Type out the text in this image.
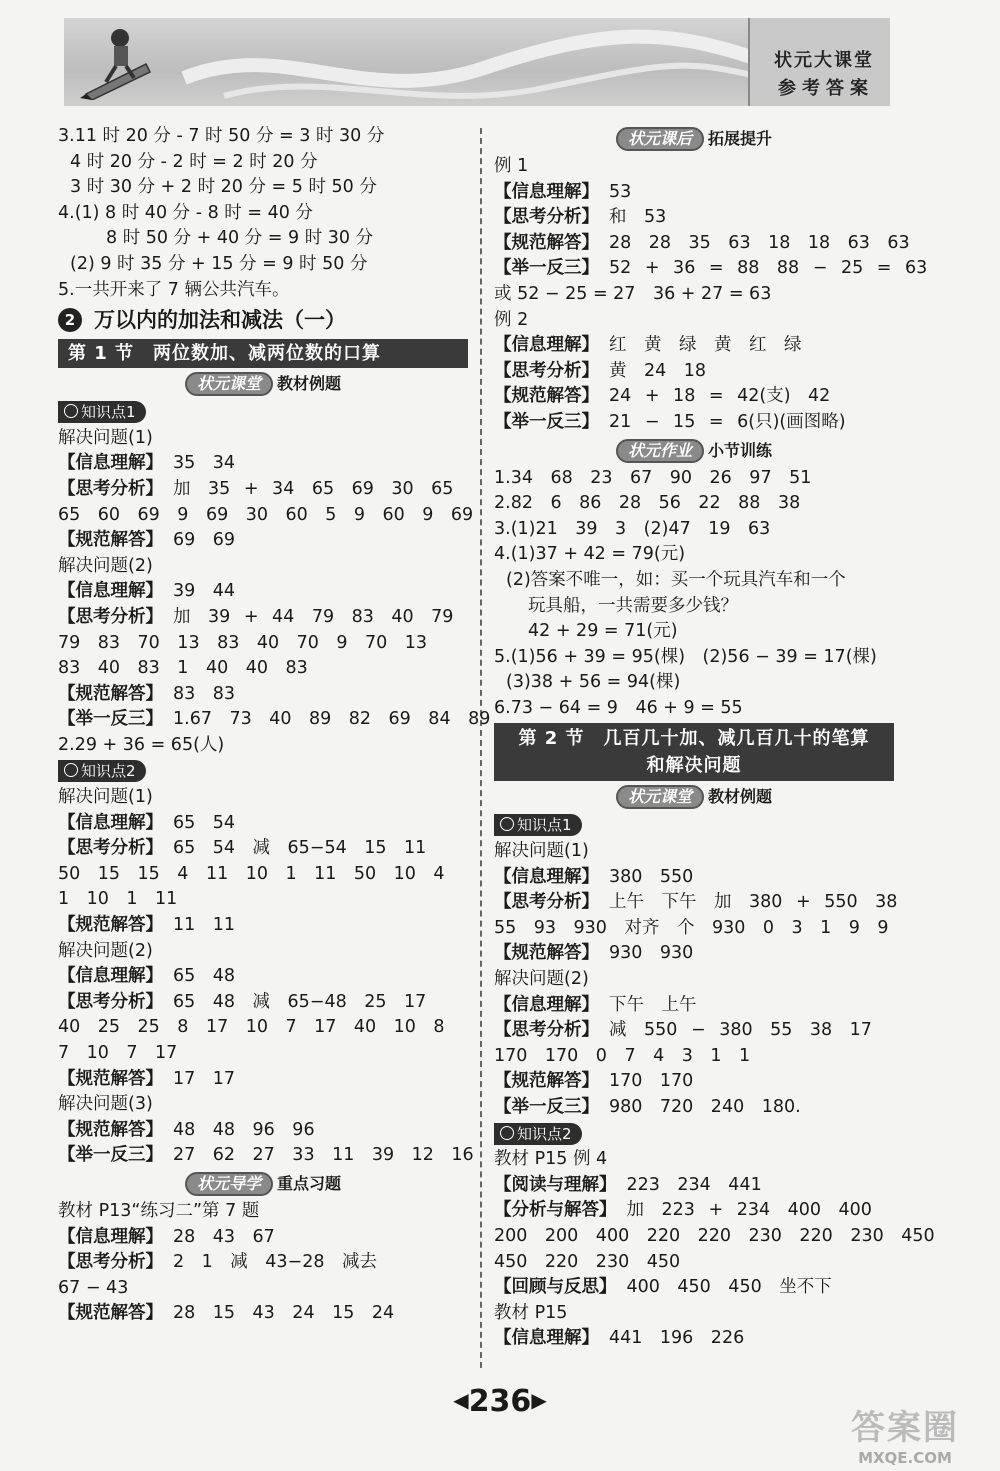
状元大课堂
参考答案
3.11 时 20 分 - 7 时 50 分 = 3 时 30 分
4 时 20 分 - 2 时 = 2 时 20 分
3 时 30 分 + 2 时 20 分 = 5 时 50 分
4.(1) 8 时 40 分 - 8 时 = 40 分
8 时 50 分 + 40 分 = 9 时 30 分
(2) 9 时 35 分 + 15 分 = 9 时 50 分
5.一共开来了 7 辆公共汽车。
2 万以内的加法和减法（一）
第 1 节　两位数加、减两位数的口算
状元课堂 教材例题
知识点1
解决问题(1)
【信息理解】 35　34
【思考分析】 加　35 + 34　65　69　30　65
65　60　69　9　69　30　60　5　9　60　9　69
【规范解答】 69　69
解决问题(2)
【信息理解】 39　44
【思考分析】 加　39 + 44　79　83　40　79
79　83　70　13　83　40　70　9　70　13
83　40　83　1　40　40　83
【规范解答】 83　83
【举一反三】 1.67　73　40　89　82　69　84　89
2.29 + 36 = 65(人)
知识点2
解决问题(1)
【信息理解】 65　54
【思考分析】 65　54　减　65−54　15　11
50　15　15　4　11　10　1　11　50　10　4
1　10　1　11
【规范解答】 11　11
解决问题(2)
【信息理解】 65　48
【思考分析】 65　48　减　65−48　25　17
40　25　25　8　17　10　7　17　40　10　8
7　10　7　17
【规范解答】 17　17
解决问题(3)
【规范解答】 48　48　96　96
【举一反三】 27　62　27　33　11　39　12　16
状元导学 重点习题
教材 P13“练习二”第 7 题
【信息理解】 28　43　67
【思考分析】 2　1　减　43−28　减去
67 − 43
【规范解答】 28　15　43　24　15　24
状元课后 拓展提升
例 1
【信息理解】 53
【思考分析】 和　53
【规范解答】 28　28　35　63　18　18　63　63
【举一反三】 52 + 36 = 88　88 − 25 = 63
或 52 − 25 = 27　36 + 27 = 63
例 2
【信息理解】 红　黄　绿　黄　红　绿
【思考分析】 黄　24　18
【规范解答】 24 + 18 = 42(支)　42
【举一反三】 21 − 15 = 6(只)(画图略)
状元作业 小节训练
1.34　68　23　67　90　26　97　51
2.82　6　86　28　56　22　88　38
3.(1)21　39　3　(2)47　19　63
4.(1)37 + 42 = 79(元)
(2)答案不唯一，如：买一个玩具汽车和一个
玩具船，一共需要多少钱？
42 + 29 = 71(元)
5.(1)56 + 39 = 95(棵)　(2)56 − 39 = 17(棵)
(3)38 + 56 = 94(棵)
6.73 − 64 = 9　46 + 9 = 55
第 2 节　几百几十加、减几百几十的笔算
和解决问题
状元课堂 教材例题
知识点1
解决问题(1)
【信息理解】 380　550
【思考分析】 上午　下午　加　380 + 550　38
55　93　930　对齐　个　930　0　3　1　9　9
【规范解答】 930　930
解决问题(2)
【信息理解】 下午　上午
【思考分析】 减　550 − 380　55　38　17
170　170　0　7　4　3　1　1
【规范解答】 170　170
【举一反三】 980　720　240　180.
知识点2
教材 P15 例 4
【阅读与理解】 223　234　441
【分析与解答】 加　223 + 234　400　400
200　200　400　220　220　230　220　230　450
450　220　230　450
【回顾与反思】 400　450　450　坐不下
教材 P15
【信息理解】 441　196　226
◀236▶
答案圈
MXQE.COM
